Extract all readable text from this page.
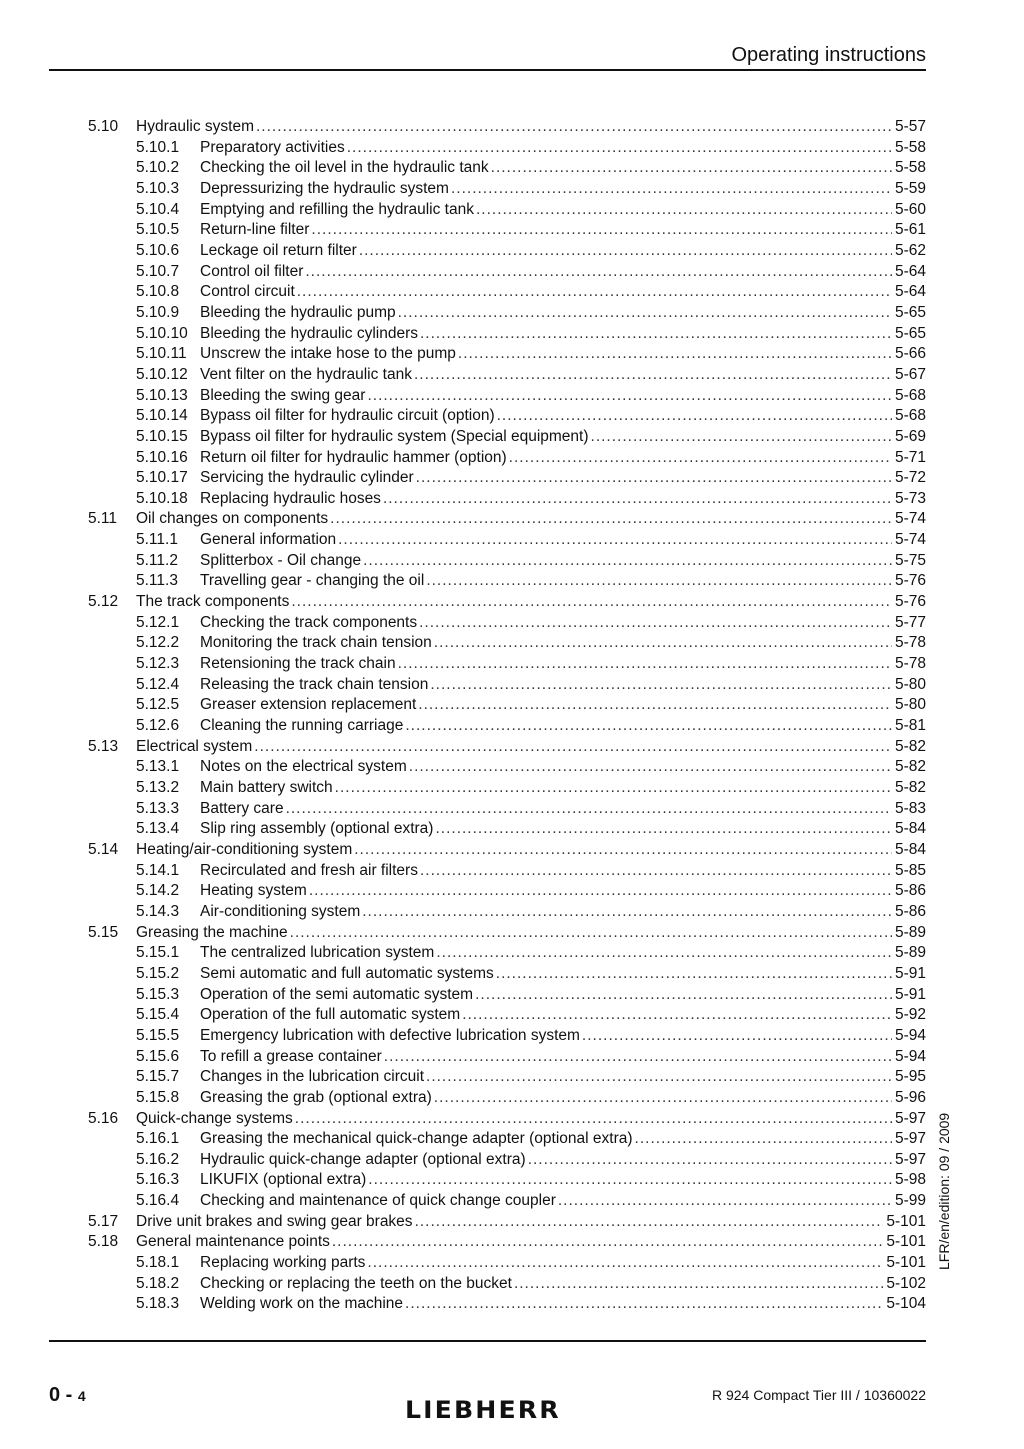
Operating instructions
5.10 Hydraulic system .....	5-57
5.10.1 Preparatory activities .....	5-58
5.10.2 Checking the oil level in the hydraulic tank .....	5-58
5.10.3 Depressurizing the hydraulic system .....	5-59
5.10.4 Emptying and refilling the hydraulic tank .....	5-60
5.10.5 Return-line filter .....	5-61
5.10.6 Leckage oil return filter .....	5-62
5.10.7 Control oil filter .....	5-64
5.10.8 Control circuit .....	5-64
5.10.9 Bleeding the hydraulic pump .....	5-65
5.10.10 Bleeding the hydraulic cylinders .....	5-65
5.10.11 Unscrew the intake hose to the pump .....	5-66
5.10.12 Vent filter on the hydraulic tank .....	5-67
5.10.13 Bleeding the swing gear .....	5-68
5.10.14 Bypass oil filter for hydraulic circuit (option) .....	5-68
5.10.15 Bypass oil filter for hydraulic system (Special equipment) .....	5-69
5.10.16 Return oil filter for hydraulic hammer (option) .....	5-71
5.10.17 Servicing the hydraulic cylinder .....	5-72
5.10.18 Replacing hydraulic hoses .....	5-73
5.11 Oil changes on components .....	5-74
5.11.1 General information .....	5-74
5.11.2 Splitterbox - Oil change .....	5-75
5.11.3 Travelling gear - changing the oil .....	5-76
5.12 The track components .....	5-76
5.12.1 Checking the track components .....	5-77
5.12.2 Monitoring the track chain tension .....	5-78
5.12.3 Retensioning the track chain .....	5-78
5.12.4 Releasing the track chain tension .....	5-80
5.12.5 Greaser extension replacement .....	5-80
5.12.6 Cleaning the running carriage .....	5-81
5.13 Electrical system .....	5-82
5.13.1 Notes on the electrical system .....	5-82
5.13.2 Main battery switch .....	5-82
5.13.3 Battery care .....	5-83
5.13.4 Slip ring assembly (optional extra) .....	5-84
5.14 Heating/air-conditioning system .....	5-84
5.14.1 Recirculated and fresh air filters .....	5-85
5.14.2 Heating system .....	5-86
5.14.3 Air-conditioning system .....	5-86
5.15 Greasing the machine .....	5-89
5.15.1 The centralized lubrication system .....	5-89
5.15.2 Semi automatic and full automatic systems .....	5-91
5.15.3 Operation of the semi automatic system .....	5-91
5.15.4 Operation of the full automatic system .....	5-92
5.15.5 Emergency lubrication with defective lubrication system .....	5-94
5.15.6 To refill a grease container .....	5-94
5.15.7 Changes in the lubrication circuit .....	5-95
5.15.8 Greasing the grab (optional extra) .....	5-96
5.16 Quick-change systems .....	5-97
5.16.1 Greasing the mechanical quick-change adapter (optional extra) .....	5-97
5.16.2 Hydraulic quick-change adapter (optional extra) .....	5-97
5.16.3 LIKUFIX (optional extra) .....	5-98
5.16.4 Checking and maintenance of quick change coupler .....	5-99
5.17 Drive unit brakes and swing gear brakes .....	5-101
5.18 General maintenance points .....	5-101
5.18.1 Replacing working parts .....	5-101
5.18.2 Checking or replacing the teeth on the bucket .....	5-102
5.18.3 Welding work on the machine .....	5-104
LFR/en/edition: 09 / 2009
0 - 4	LIEBHERR
R 924 Compact Tier III / 10360022
